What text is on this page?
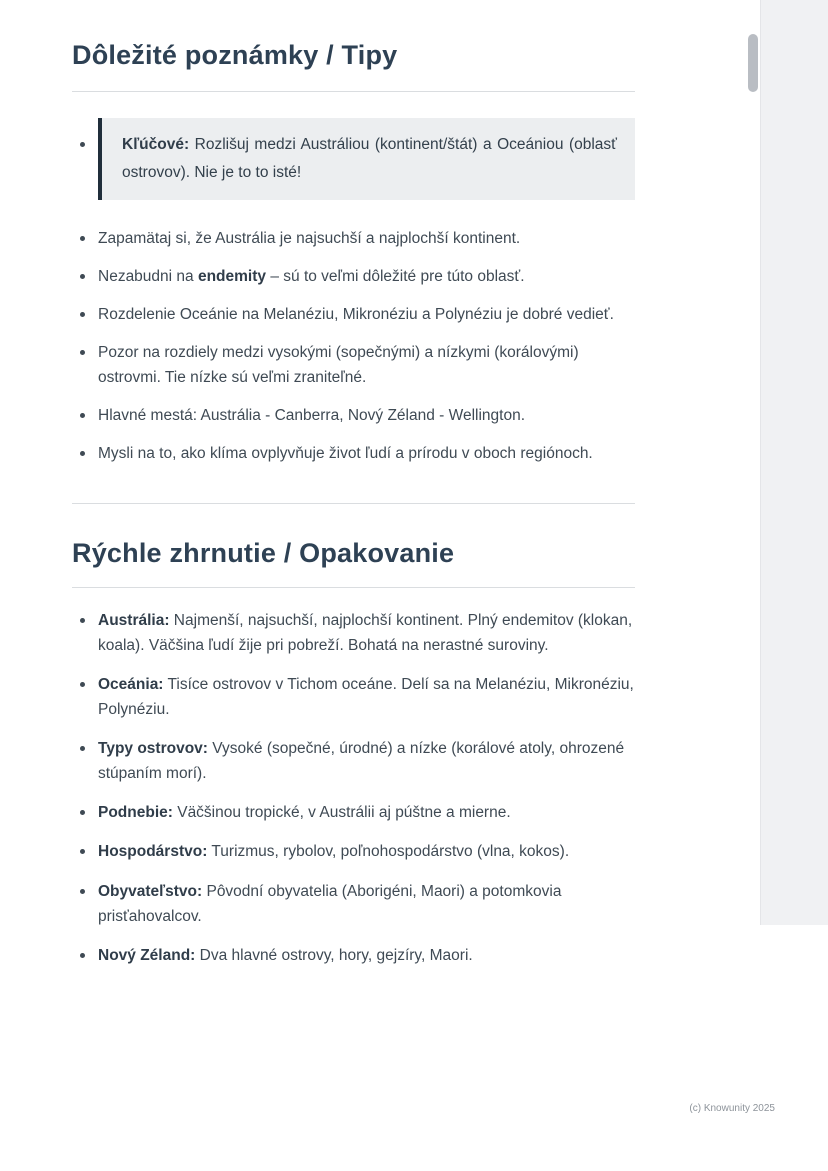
Dôležité poznámky / Tipy
Kľúčové: Rozlišuj medzi Austráliou (kontinent/štát) a Oceániou (oblasť ostrovov). Nie je to to isté!
Zapamätaj si, že Austrália je najsuchší a najplochší kontinent.
Nezabudni na endemity – sú to veľmi dôležité pre túto oblasť.
Rozdelenie Oceánie na Melanéziu, Mikronéziu a Polynéziu je dobré vedieť.
Pozor na rozdiely medzi vysokými (sopečnými) a nízkymi (korálovými) ostrovmi. Tie nízke sú veľmi zraniteľné.
Hlavné mestá: Austrália - Canberra, Nový Zéland - Wellington.
Mysli na to, ako klíma ovplyvňuje život ľudí a prírodu v oboch regiónoch.
Rýchle zhrnutie / Opakovanie
Austrália: Najmenší, najsuchší, najplochší kontinent. Plný endemitov (klokan, koala). Väčšina ľudí žije pri pobreží. Bohatá na nerastné suroviny.
Oceánia: Tisíce ostrovov v Tichom oceáne. Delí sa na Melanéziu, Mikronéziu, Polynéziu.
Typy ostrovov: Vysoké (sopečné, úrodné) a nízke (korálové atoly, ohrozené stúpaním morí).
Podnebie: Väčšinou tropické, v Austrálii aj púštne a mierne.
Hospodárstvo: Turizmus, rybolov, poľnohospodárstvo (vlna, kokos).
Obyvateľstvo: Pôvodní obyvatelia (Aborigéni, Maori) a potomkovia prisťahovalcov.
Nový Zéland: Dva hlavné ostrovy, hory, gejzíry, Maori.
(c) Knowunity 2025
